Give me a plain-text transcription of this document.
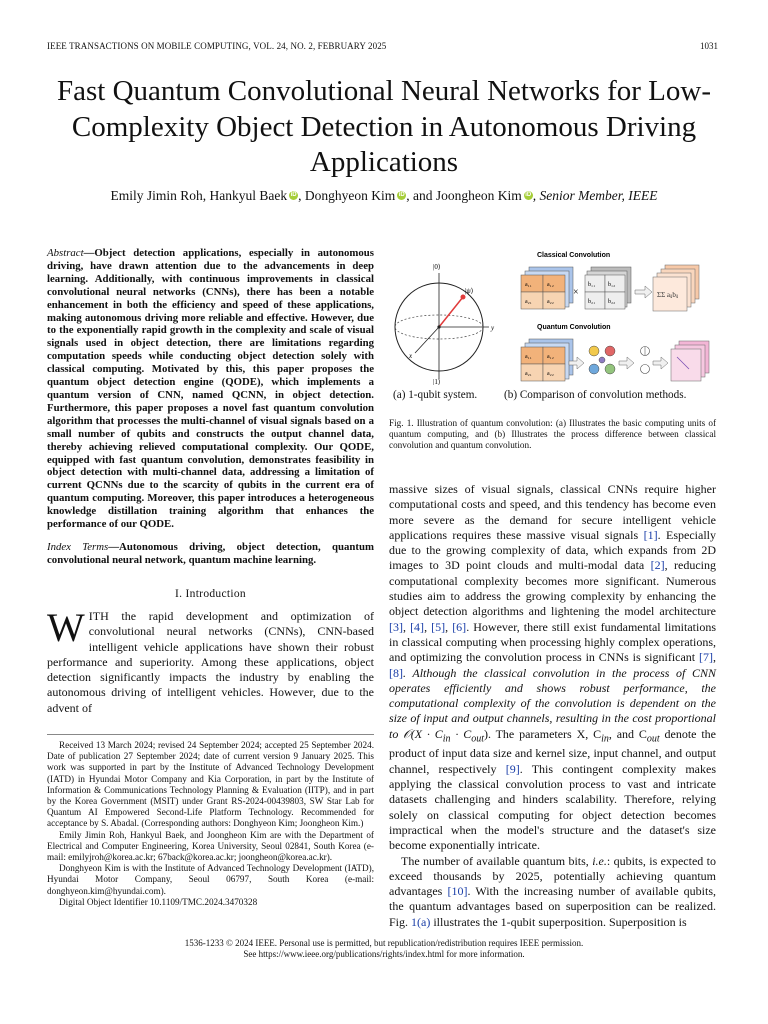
IEEE TRANSACTIONS ON MOBILE COMPUTING, VOL. 24, NO. 2, FEBRUARY 2025	1031
Fast Quantum Convolutional Neural Networks for Low-Complexity Object Detection in Autonomous Driving Applications
Emily Jimin Roh, Hankyul Baek iD , Donghyeon Kim iD , and Joongheon Kim iD , Senior Member, IEEE
Abstract—Object detection applications, especially in autonomous driving, have drawn attention due to the advancements in deep learning. Additionally, with continuous improvements in classical convolutional neural networks (CNNs), there has been a notable enhancement in both the efficiency and speed of these applications, making autonomous driving more reliable and effective. However, due to the exponentially rapid growth in the complexity and scale of visual signals used in object detection, there are limitations regarding computation speeds while conducting object detection solely with classical computing. Motivated by this, this paper proposes the quantum object detection engine (QODE), which implements a quantum version of CNN, named QCNN, in object detection. Furthermore, this paper proposes a novel fast quantum convolution algorithm that processes the multi-channel of visual signals based on a small number of qubits and constructs the output channel data, thereby achieving relieved computational complexity. Our QODE, equipped with fast quantum convolution, demonstrates feasibility in object detection with multi-channel data, addressing a limitation of current QCNNs due to the scarcity of qubits in the current era of quantum computing. Moreover, this paper introduces a heterogeneous knowledge distillation training algorithm that enhances the performance of our QODE.
Index Terms—Autonomous driving, object detection, quantum convolutional neural network, quantum machine learning.
I. Introduction
WITH the rapid development and optimization of convolutional neural networks (CNNs), CNN-based intelligent vehicle applications have shown their robust performance and superiority. Among these applications, object detection significantly impacts the industry by enabling the autonomous driving of intelligent vehicles. However, due to the advent of

Received 13 March 2024; revised 24 September 2024; accepted 25 September 2024. Date of publication 27 September 2024; date of current version 9 January 2025. This work was supported in part by the Institute of Advanced Technology Development (IATD) in Hyundai Motor Company and Kia Corporation, in part by the Institute of Information & Communications Technology Planning & Evaluation (IITP), and in part by the Korea Government (MSIT) under Grant RS-2024-00439803, SW Star Lab for Quantum AI Empowered Second-Life Platform Technology. Recommended for acceptance by S. Abadal. (Corresponding authors: Donghyeon Kim; Joongheon Kim.)

Emily Jimin Roh, Hankyul Baek, and Joongheon Kim are with the Department of Electrical and Computer Engineering, Korea University, Seoul 02841, South Korea (e-mail: emilyjroh@korea.ac.kr; 67back@korea.ac.kr; joongheon@korea.ac.kr).

Donghyeon Kim is with the Institute of Advanced Technology Development (IATD), Hyundai Motor Company, Seoul 06797, South Korea (e-mail: donghyeon.kim@hyundai.com).

Digital Object Identifier 10.1109/TMC.2024.3470328

|0⟩
|1⟩
|ψ⟩
y
x
Classical Convolution
a₁₁	a₁₂
a₂₁	a₂₂
×
b₁₁ b₁₂
b₂₁ b₂₂
ΣΣ aᵢⱼbᵢⱼ
Quantum Convolution
a₁₁	a₁₂
a₂₁	a₂₂
(a) 1-qubit system. (b) Comparison of convolution methods.
Fig. 1. Illustration of quantum convolution: (a) Illustrates the basic computing units of quantum computing, and (b) Illustrates the process difference between classical convolution and quantum convolution.

massive sizes of visual signals, classical CNNs require higher computational costs and speed, and this tendency has become even more severe as the demand for secure intelligent vehicle applications requires these massive visual signals [1]. Especially due to the growing complexity of data, which expands from 2D images to 3D point clouds and multi-modal data [2], reducing computational complexity becomes more significant. Numerous studies aim to address the growing complexity by enhancing the object detection algorithms and lightening the model architecture [3], [4], [5], [6]. However, there still exist fundamental limitations in classical computing when processing highly complex operations, and optimizing the convolution process in CNNs is significant [7], [8]. Although the classical convolution in the process of CNN operates efficiently and shows robust performance, the computational complexity of the convolution is dependent on the size of input and output channels, resulting in the cost proportional to 𝒪(X · $C_{in} \cdot C_{out}$). The parameters X, $C_{in}$, and $C_{out}$ denote the product of input data size and kernel size, input channel, and output channel, respectively [9]. This contingent complexity makes applying the classical convolution process to vast and intricate datasets challenging and hinders scalability. Therefore, relying solely on classical computing for object detection becomes impractical when the model's structure and the dataset's size become exponentially intricate.

The number of available quantum bits, i.e.: qubits, is expected to exceed thousands by 2025, potentially achieving quantum advantages [10]. With the increasing number of available qubits, the quantum advantages based on superposition can be realized. Fig. 1(a) illustrates the 1-qubit superposition. Superposition is

1536-1233 © 2024 IEEE. Personal use is permitted, but republication/redistribution requires IEEE permission.
See https://www.ieee.org/publications/rights/index.html for more information.
